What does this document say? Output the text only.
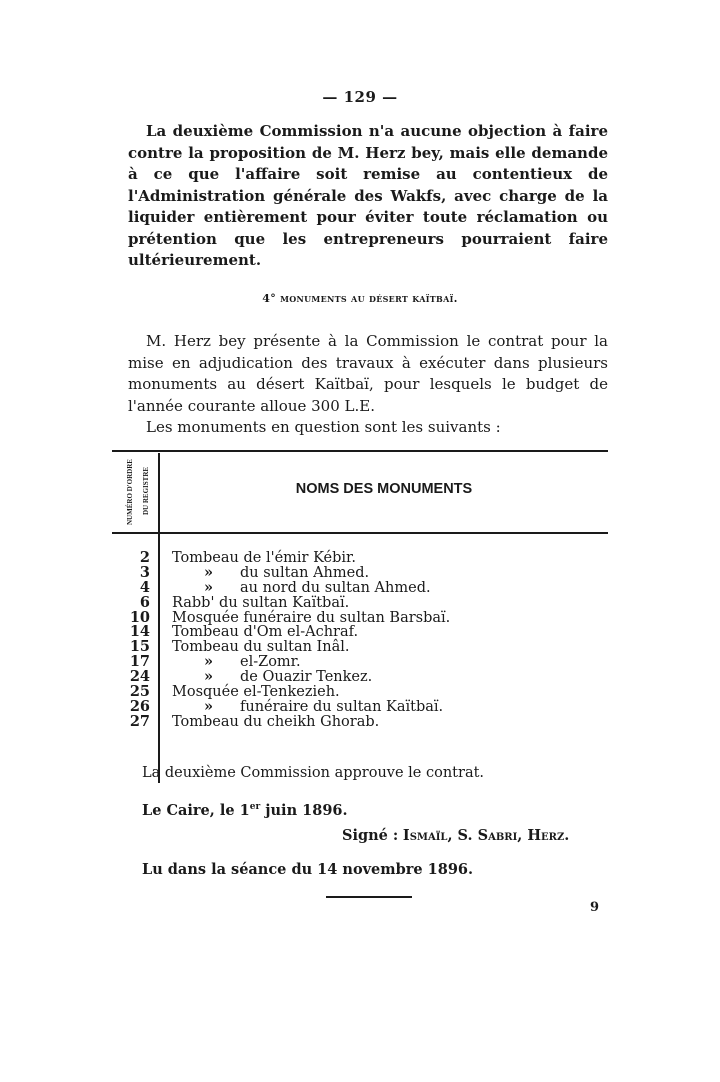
— 129 —

La deuxième Commission n'a aucune objection à faire contre la proposition de M. Herz bey, mais elle demande à ce que l'affaire soit remise au contentieux de l'Administration générale des Wakfs, avec charge de la liquider entièrement pour éviter toute réclamation ou prétention que les entrepreneurs pourraient faire ultérieurement.

4° monuments au désert kaïtbaï.

M. Herz bey présente à la Commission le contrat pour la mise en adjudication des travaux à exécuter dans plusieurs monuments au désert Kaïtbaï, pour lesquels le budget de l'année courante alloue 300 L.E.

Les monuments en question sont les suivants :

NUMÉRO D'ORDRE DU REGISTRE	NOMS DES MONUMENTS
2 Tombeau de l'émir Kébir.
3	» du sultan Ahmed.
4	» au nord du sultan Ahmed.
6 Rabb' du sultan Kaïtbaï.
10 Mosquée funéraire du sultan Barsbaï.
14 Tombeau d'Om el-Achraf.
15 Tombeau du sultan Inâl.
17	» el-Zomr.
24	» de Ouazir Tenkez.
25 Mosquée el-Tenkezieh.
26	» funéraire du sultan Kaïtbaï.
27 Tombeau du cheikh Ghorab.
La deuxième Commission approuve le contrat.
Le Caire, le 1er juin 1896.
Signé : Ismaïl, S. Sabri, Herz.
Lu dans la séance du 14 novembre 1896.
9
